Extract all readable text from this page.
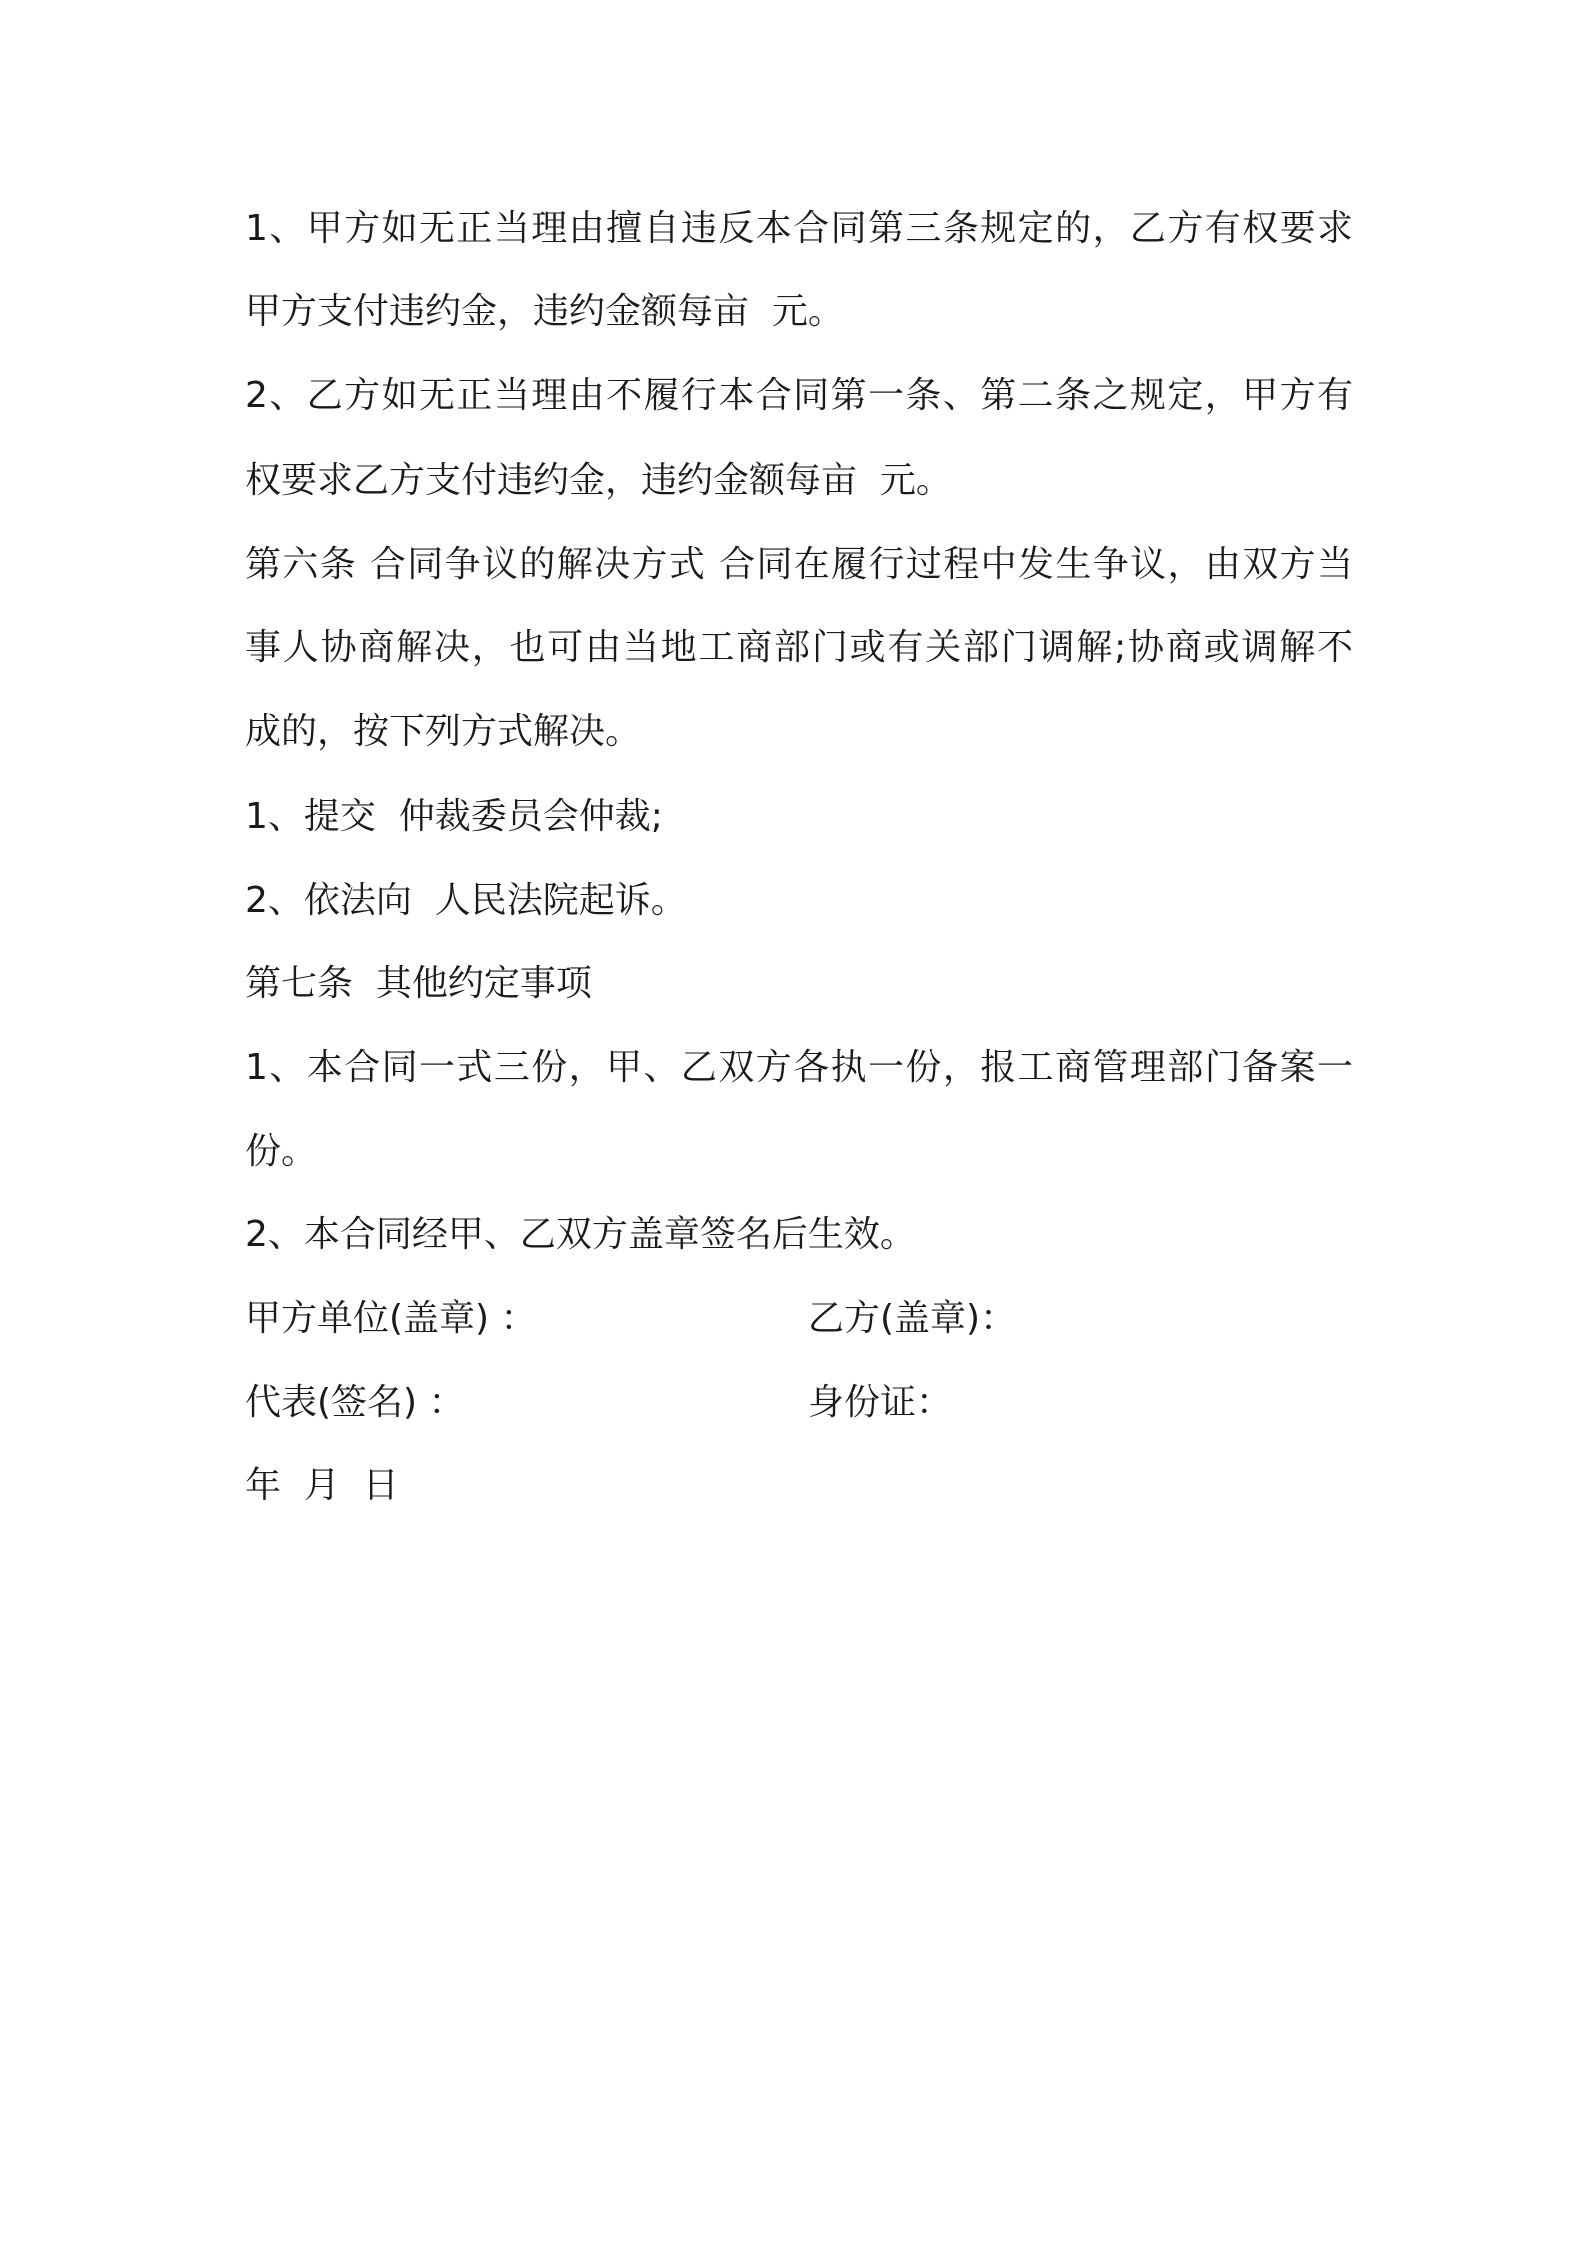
1、甲方如无正当理由擅自违反本合同第三条规定的，乙方有权要求
甲方支付违约金，违约金额每亩  元。
2、乙方如无正当理由不履行本合同第一条、第二条之规定，甲方有
权要求乙方支付违约金，违约金额每亩  元。
第六条 合同争议的解决方式 合同在履行过程中发生争议，由双方当
事人协商解决，也可由当地工商部门或有关部门调解;协商或调解不
成的，按下列方式解决。
1、提交  仲裁委员会仲裁;
2、依法向  人民法院起诉。
第七条  其他约定事项
1、本合同一式三份，甲、乙双方各执一份，报工商管理部门备案一
份。
2、本合同经甲、乙双方盖章签名后生效。
甲方单位(盖章) ：	乙方(盖章)：
代表(签名) ：	身份证：
年  月  日
